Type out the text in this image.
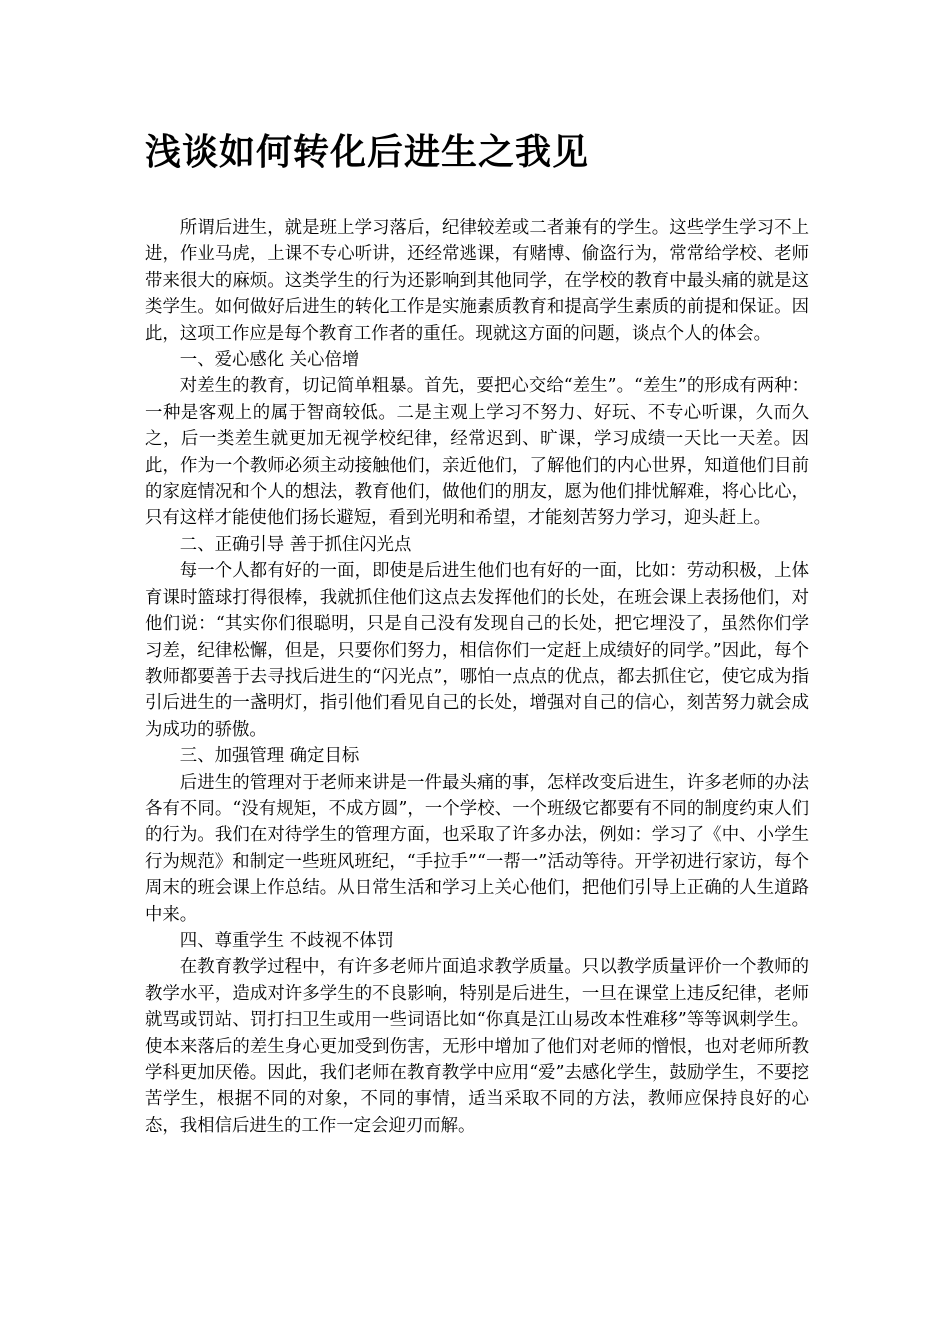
浅谈如何转化后进生之我见

所谓后进生，就是班上学习落后，纪律较差或二者兼有的学生。这些学生学习不上进，作业马虎，上课不专心听讲，还经常逃课，有赌博、偷盗行为，常常给学校、老师带来很大的麻烦。这类学生的行为还影响到其他同学，在学校的教育中最头痛的就是这类学生。如何做好后进生的转化工作是实施素质教育和提高学生素质的前提和保证。因此，这项工作应是每个教育工作者的重任。现就这方面的问题，谈点个人的体会。

一、爱心感化 关心倍增

对差生的教育，切记简单粗暴。首先，要把心交给“差生”。“差生”的形成有两种：一种是客观上的属于智商较低。二是主观上学习不努力、好玩、不专心听课，久而久之，后一类差生就更加无视学校纪律，经常迟到、旷课，学习成绩一天比一天差。因此，作为一个教师必须主动接触他们，亲近他们，了解他们的内心世界，知道他们目前的家庭情况和个人的想法，教育他们，做他们的朋友，愿为他们排忧解难，将心比心，只有这样才能使他们扬长避短，看到光明和希望，才能刻苦努力学习，迎头赶上。

二、正确引导 善于抓住闪光点

每一个人都有好的一面，即使是后进生他们也有好的一面，比如：劳动积极，上体育课时篮球打得很棒，我就抓住他们这点去发挥他们的长处，在班会课上表扬他们，对他们说：“其实你们很聪明，只是自己没有发现自己的长处，把它埋没了，虽然你们学习差，纪律松懈，但是，只要你们努力，相信你们一定赶上成绩好的同学。”因此，每个教师都要善于去寻找后进生的“闪光点”，哪怕一点点的优点，都去抓住它，使它成为指引后进生的一盏明灯，指引他们看见自己的长处，增强对自己的信心，刻苦努力就会成为成功的骄傲。

三、加强管理 确定目标

后进生的管理对于老师来讲是一件最头痛的事，怎样改变后进生，许多老师的办法各有不同。“没有规矩，不成方圆”，一个学校、一个班级它都要有不同的制度约束人们的行为。我们在对待学生的管理方面，也采取了许多办法，例如：学习了《中、小学生行为规范》和制定一些班风班纪，“手拉手”“一帮一”活动等待。开学初进行家访，每个周末的班会课上作总结。从日常生活和学习上关心他们，把他们引导上正确的人生道路中来。

四、尊重学生 不歧视不体罚

在教育教学过程中，有许多老师片面追求教学质量。只以教学质量评价一个教师的教学水平，造成对许多学生的不良影响，特别是后进生，一旦在课堂上违反纪律，老师就骂或罚站、罚打扫卫生或用一些词语比如“你真是江山易改本性难移”等等讽刺学生。使本来落后的差生身心更加受到伤害，无形中增加了他们对老师的憎恨，也对老师所教学科更加厌倦。因此，我们老师在教育教学中应用“爱”去感化学生，鼓励学生，不要挖苦学生，根据不同的对象，不同的事情，适当采取不同的方法，教师应保持良好的心态，我相信后进生的工作一定会迎刃而解。
